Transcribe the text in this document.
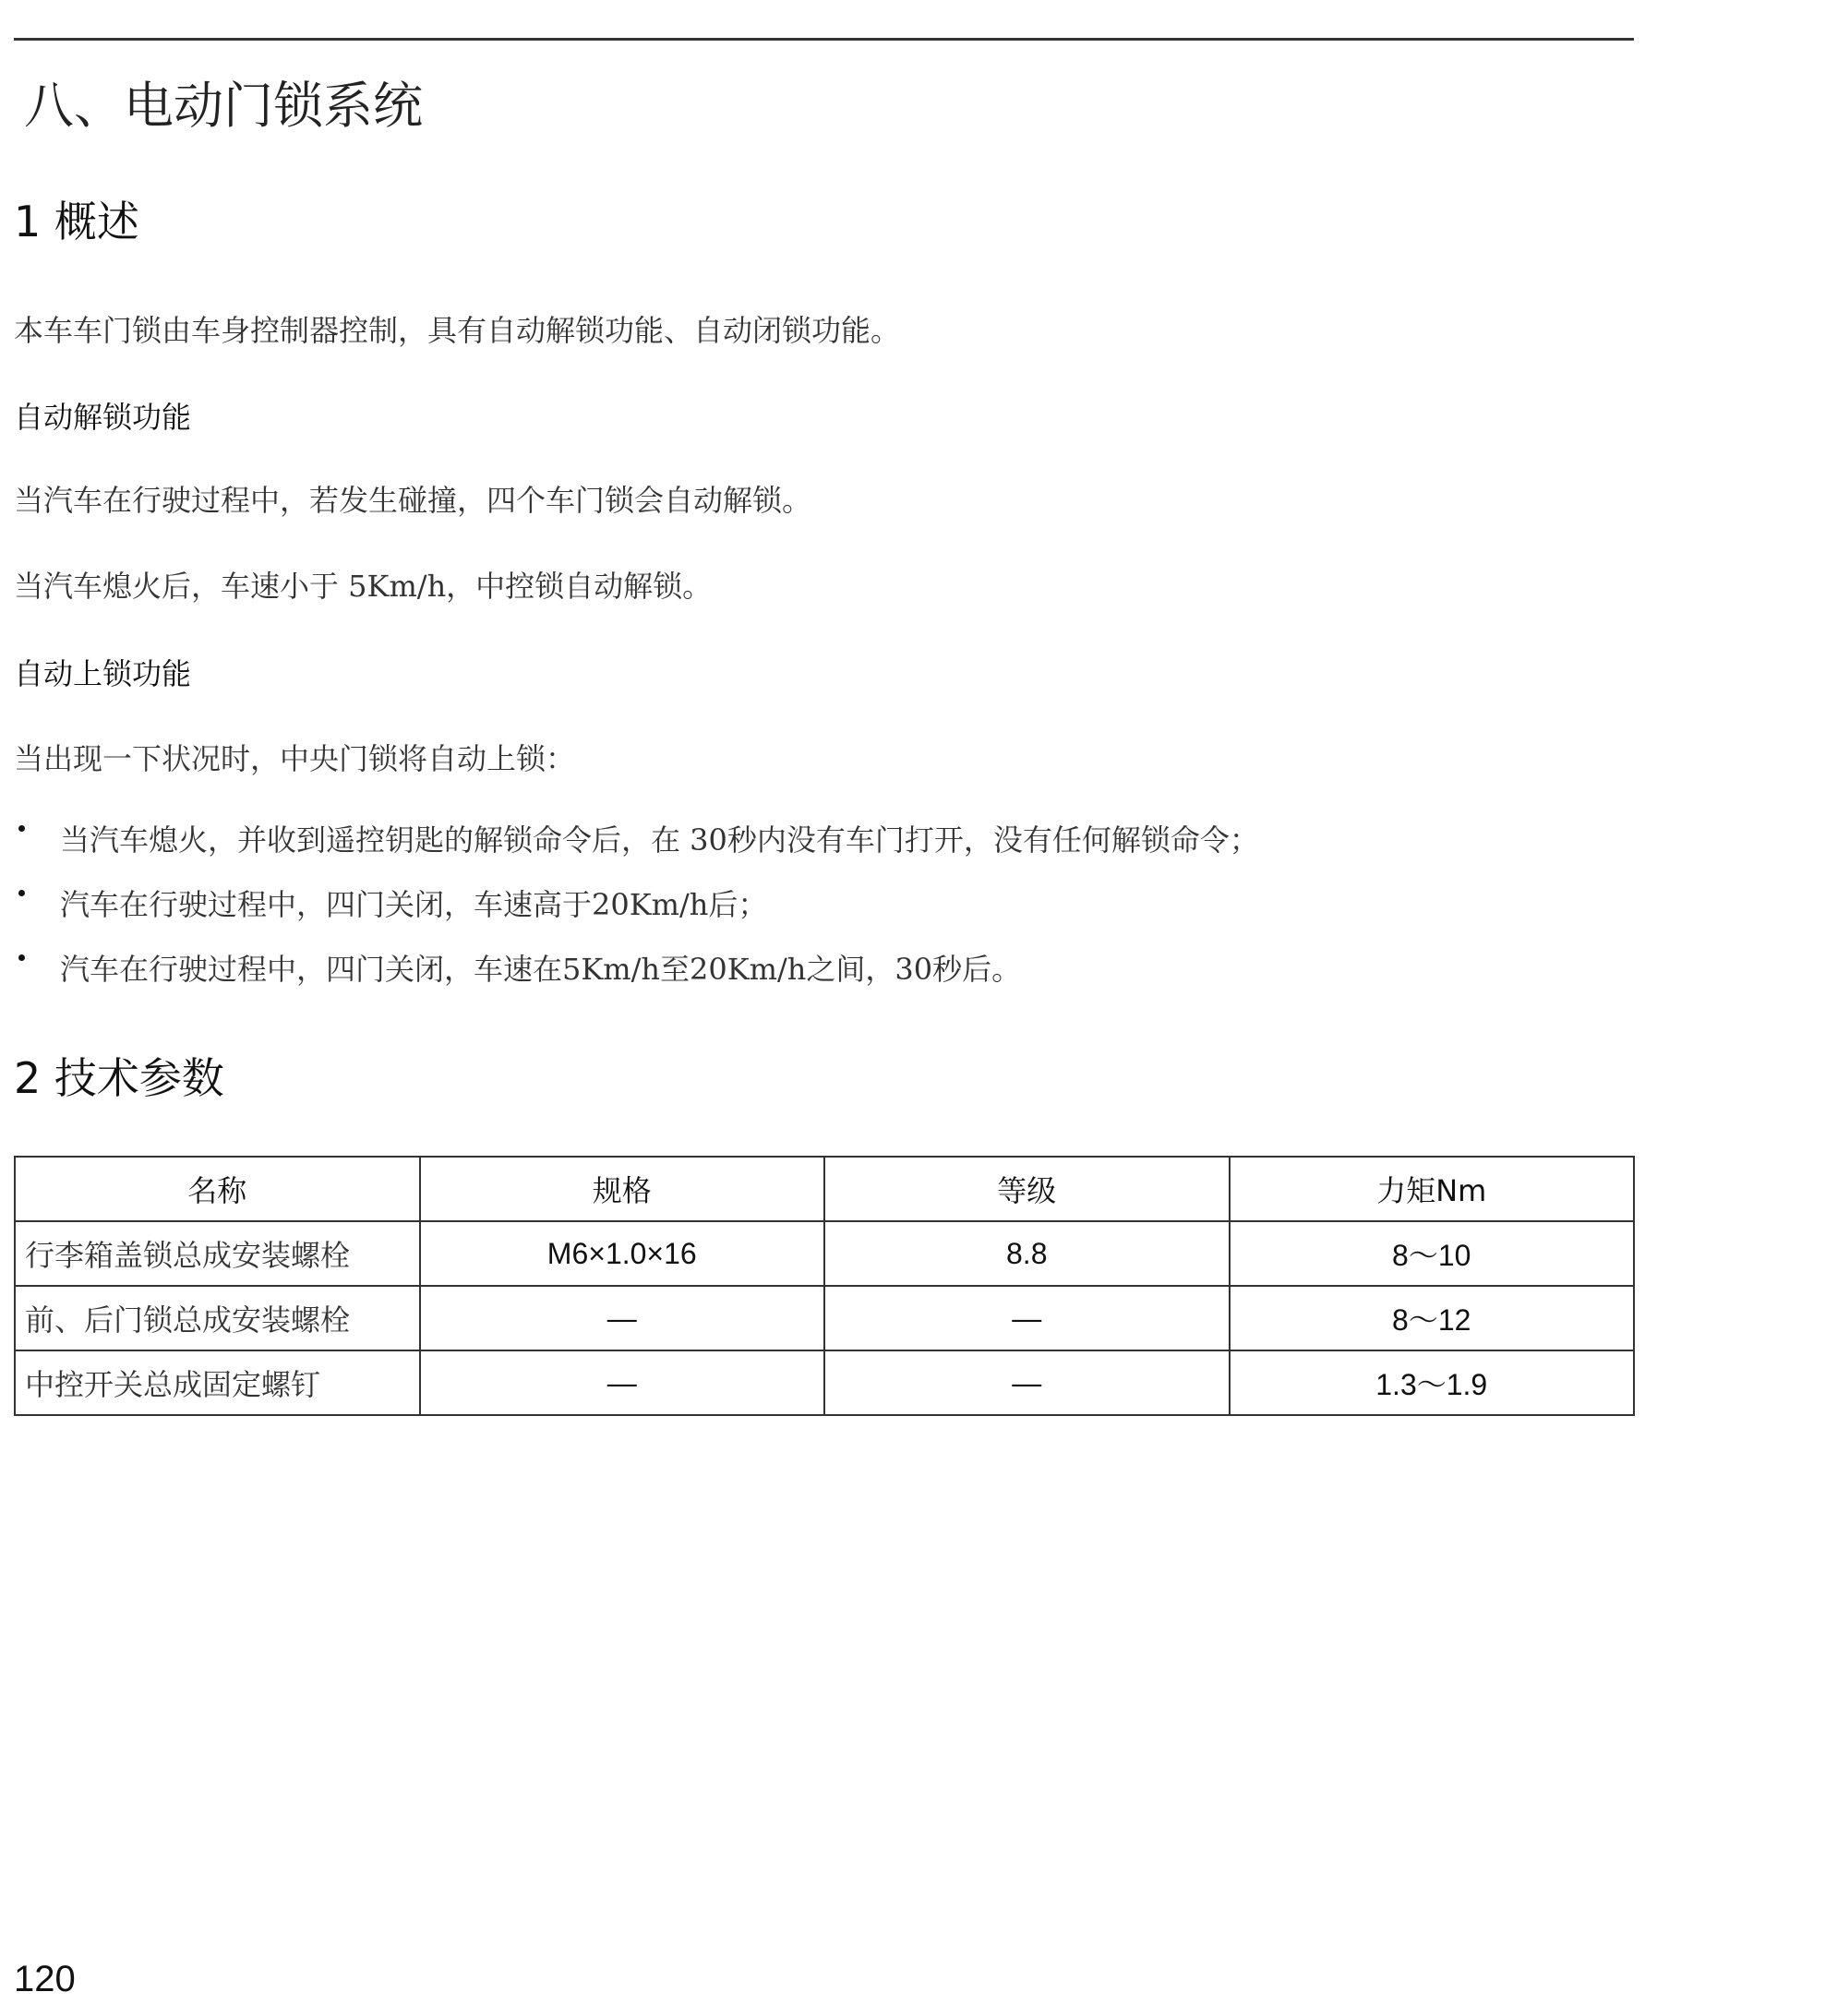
八、电动门锁系统
1 概述
本车车门锁由车身控制器控制，具有自动解锁功能、自动闭锁功能。
自动解锁功能
当汽车在行驶过程中，若发生碰撞，四个车门锁会自动解锁。
当汽车熄火后，车速小于 5Km/h，中控锁自动解锁。
自动上锁功能
当出现一下状况时，中央门锁将自动上锁：
当汽车熄火，并收到遥控钥匙的解锁命令后，在 30秒内没有车门打开，没有任何解锁命令；
汽车在行驶过程中，四门关闭，车速高于20Km/h后；
汽车在行驶过程中，四门关闭，车速在5Km/h至20Km/h之间，30秒后。
2 技术参数
名称	规格	等级	力矩Nm
行李箱盖锁总成安装螺栓	M6×1.0×16	8.8	8～10
前、后门锁总成安装螺栓	—	—	8～12
中控开关总成固定螺钉	—	—	1.3～1.9
120
